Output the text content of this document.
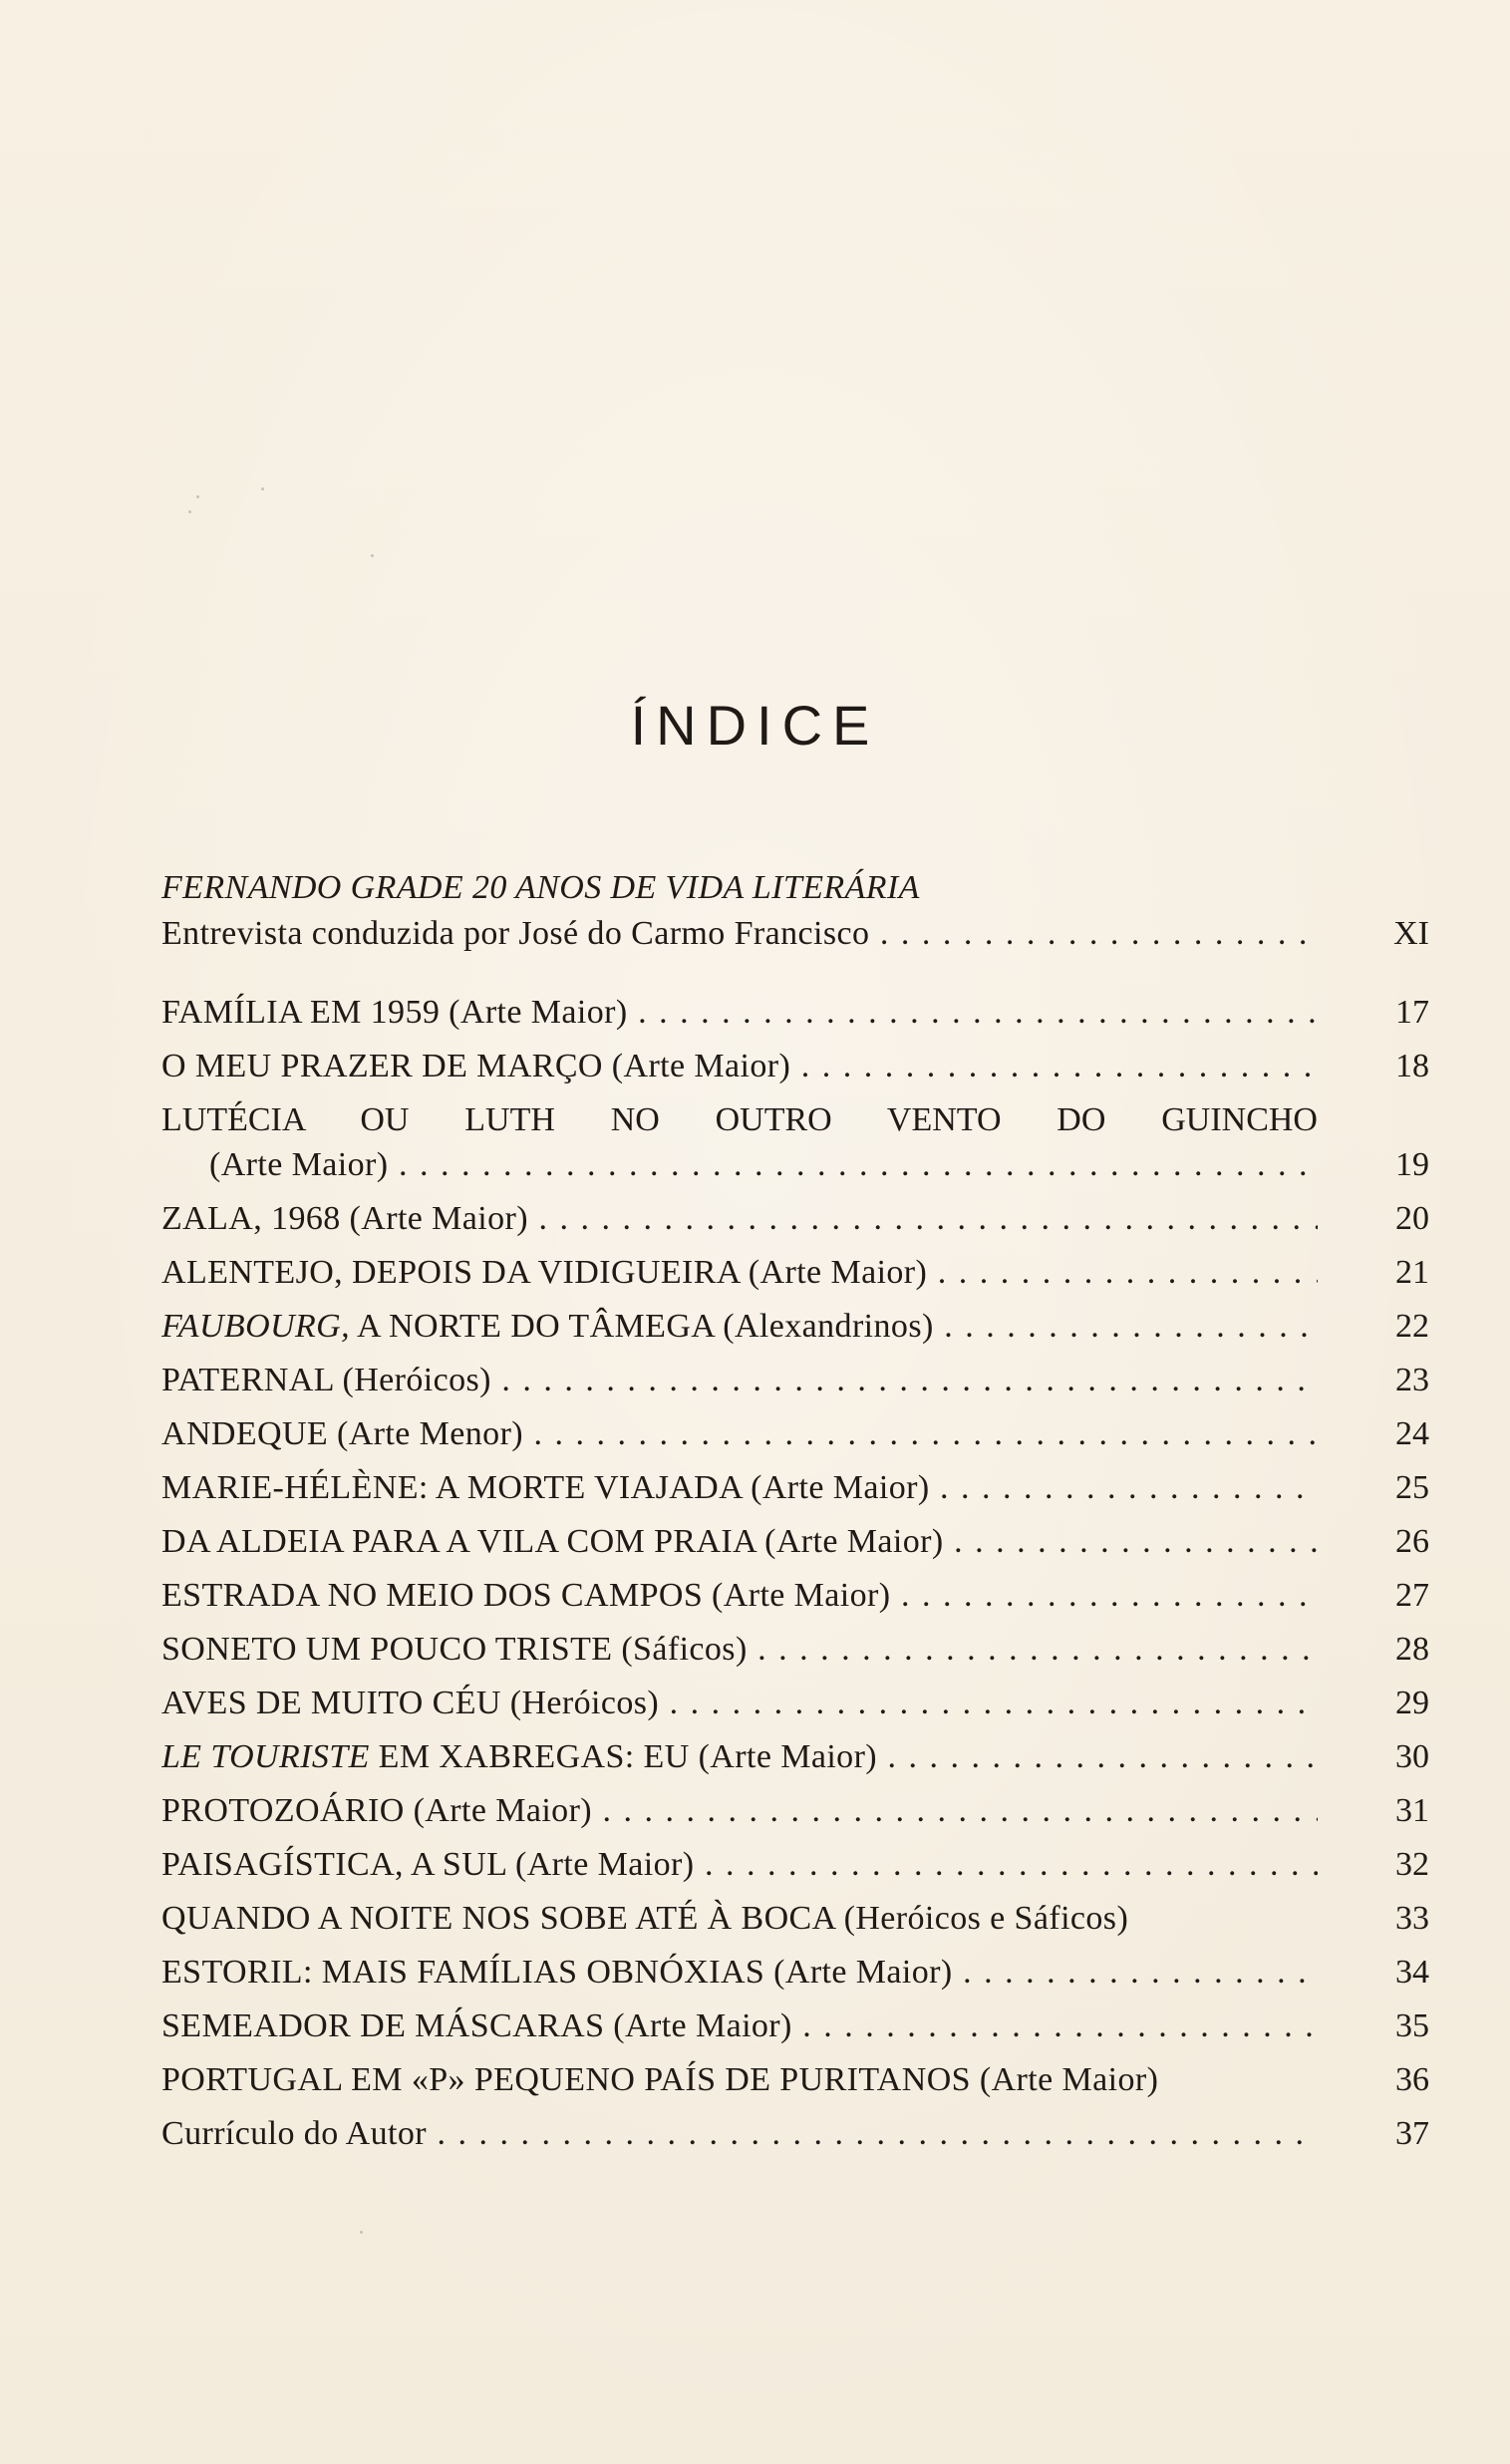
ÍNDICE
FERNANDO GRADE 20 ANOS DE VIDA LITERÁRIA
Entrevista conduzida por José do Carmo Francisco . . .	XI
FAMÍLIA EM 1959 (Arte Maior) . . .	17
O MEU PRAZER DE MARÇO (Arte Maior) . . .	18
LUTÉCIA OU LUTH NO OUTRO VENTO DO GUINCHO
(Arte Maior) . . .	19
ZALA, 1968 (Arte Maior) . . .	20
ALENTEJO, DEPOIS DA VIDIGUEIRA (Arte Maior) . . .	21
FAUBOURG, A NORTE DO TÂMEGA (Alexandrinos) . . .	22
PATERNAL (Heróicos) . . .	23
ANDEQUE (Arte Menor) . . .	24
MARIE-HÉLÈNE: A MORTE VIAJADA (Arte Maior) . . .	25
DA ALDEIA PARA A VILA COM PRAIA (Arte Maior) . . .	26
ESTRADA NO MEIO DOS CAMPOS (Arte Maior) . . .	27
SONETO UM POUCO TRISTE (Sáficos) . . .	28
AVES DE MUITO CÉU (Heróicos) . . .	29
LE TOURISTE EM XABREGAS: EU (Arte Maior) . . .	30
PROTOZOÁRIO (Arte Maior) . . .	31
PAISAGÍSTICA, A SUL (Arte Maior) . . .	32
QUANDO A NOITE NOS SOBE ATÉ À BOCA (Heróicos e Sáficos)	33
ESTORIL: MAIS FAMÍLIAS OBNÓXIAS (Arte Maior) . . .	34
SEMEADOR DE MÁSCARAS (Arte Maior) . . .	35
PORTUGAL EM «P» PEQUENO PAÍS DE PURITANOS (Arte Maior)	36
Currículo do Autor . . .	37
